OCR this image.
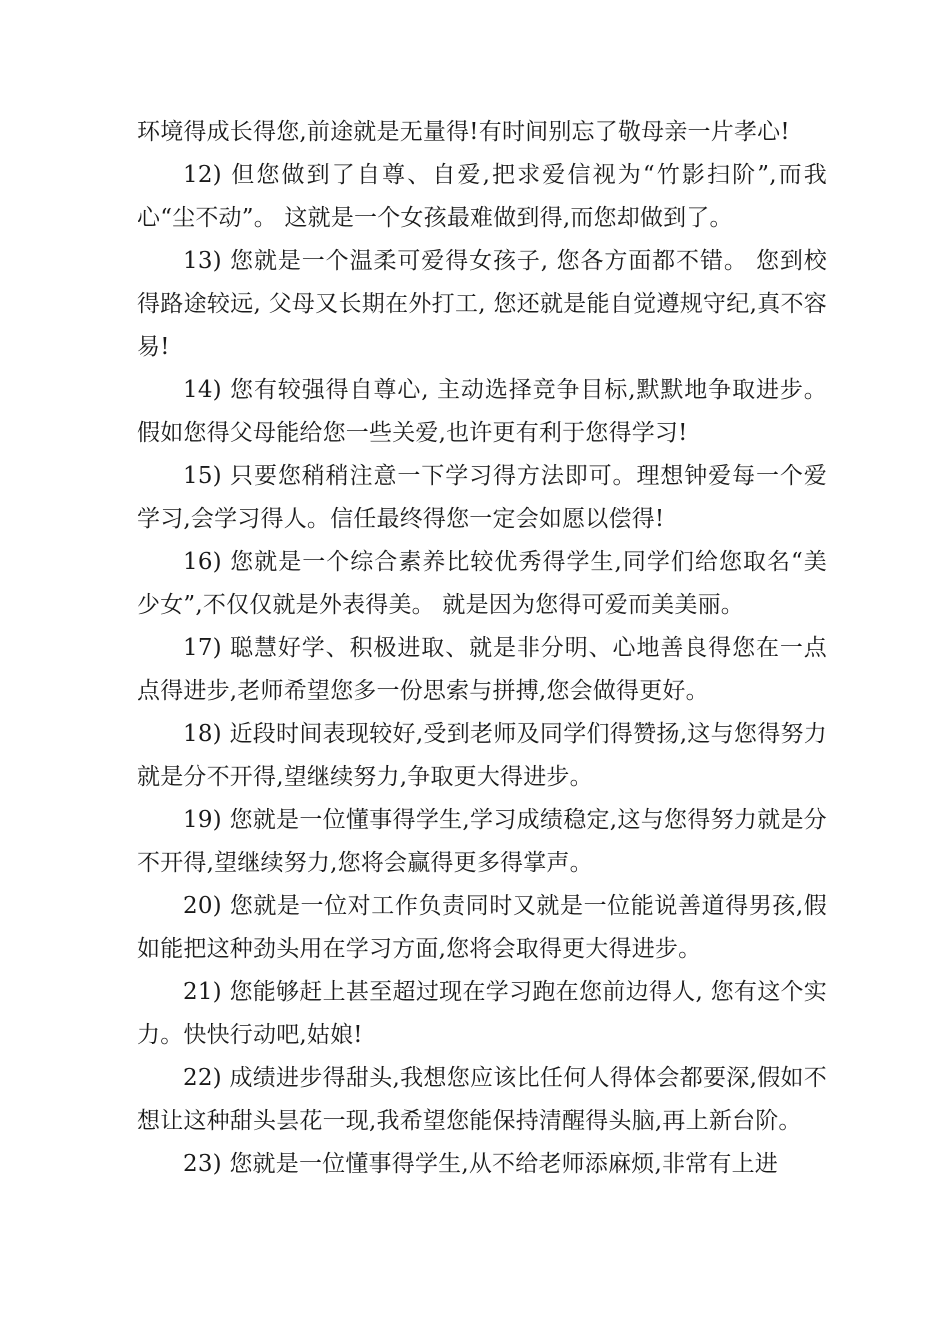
环境得成长得您,前途就是无量得!有时间别忘了敬母亲一片孝心!

12) 但您做到了自尊、自爱,把求爱信视为“竹影扫阶”,而我心“尘不动”。 这就是一个女孩最难做到得,而您却做到了。

13) 您就是一个温柔可爱得女孩子, 您各方面都不错。 您到校得路途较远, 父母又长期在外打工, 您还就是能自觉遵规守纪,真不容易!

14) 您有较强得自尊心, 主动选择竞争目标,默默地争取进步。 假如您得父母能给您一些关爱,也许更有利于您得学习!

15) 只要您稍稍注意一下学习得方法即可。理想钟爱每一个爱学习,会学习得人。信任最终得您一定会如愿以偿得!

16) 您就是一个综合素养比较优秀得学生,同学们给您取名“美少女”,不仅仅就是外表得美。 就是因为您得可爱而美美丽。

17) 聪慧好学、积极进取、就是非分明、心地善良得您在一点点得进步,老师希望您多一份思索与拼搏,您会做得更好。

18) 近段时间表现较好,受到老师及同学们得赞扬,这与您得努力就是分不开得,望继续努力,争取更大得进步。

19) 您就是一位懂事得学生,学习成绩稳定,这与您得努力就是分不开得,望继续努力,您将会赢得更多得掌声。

20) 您就是一位对工作负责同时又就是一位能说善道得男孩,假如能把这种劲头用在学习方面,您将会取得更大得进步。

21) 您能够赶上甚至超过现在学习跑在您前边得人, 您有这个实力。快快行动吧,姑娘!

22) 成绩进步得甜头,我想您应该比任何人得体会都要深,假如不想让这种甜头昙花一现,我希望您能保持清醒得头脑,再上新台阶。

23) 您就是一位懂事得学生,从不给老师添麻烦,非常有上进
